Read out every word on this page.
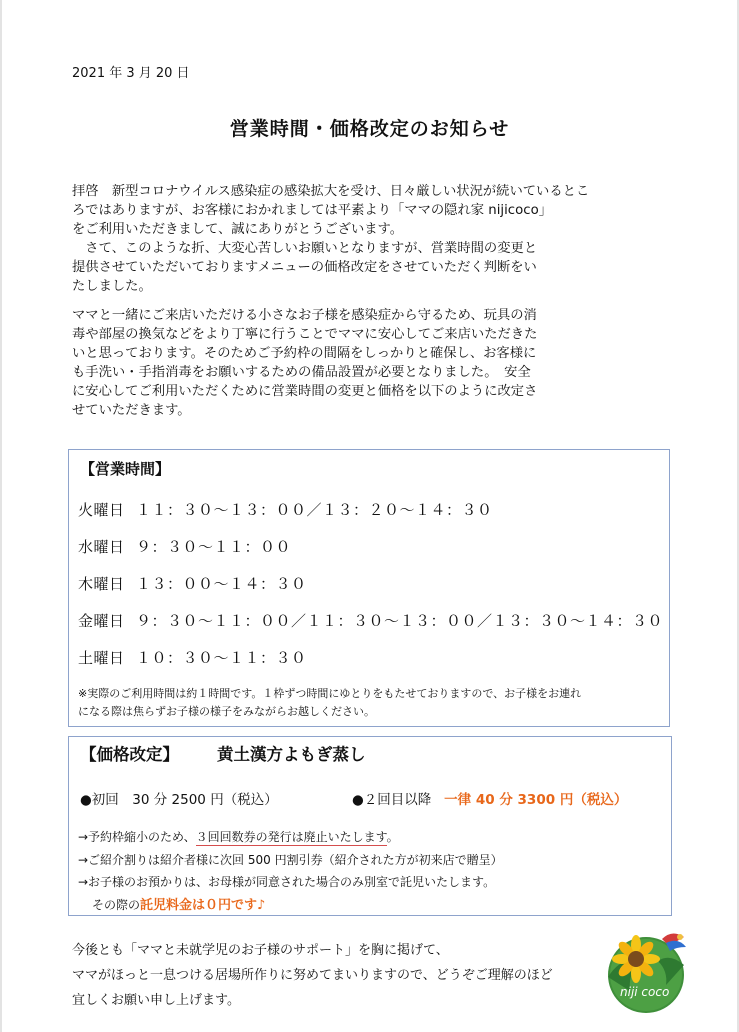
2021 年 3 月 20 日
営業時間・価格改定のお知らせ
拝啓　新型コロナウイルス感染症の感染拡大を受け、日々厳しい状況が続いているとこ
ろではありますが、お客様におかれましては平素より「ママの隠れ家 nijicoco」
をご利用いただきまして、誠にありがとうございます。
　さて、このような折、大変心苦しいお願いとなりますが、営業時間の変更と
提供させていただいておりますメニューの価格改定をさせていただく判断をい
たしました。
ママと一緒にご来店いただける小さなお子様を感染症から守るため、玩具の消
毒や部屋の換気などをより丁寧に行うことでママに安心してご来店いただきた
いと思っております。そのためご予約枠の間隔をしっかりと確保し、お客様に
も手洗い・手指消毒をお願いするための備品設置が必要となりました。　安全
に安心してご利用いただくために営業時間の変更と価格を以下のように改定さ
せていただきます。
【営業時間】
火曜日 １１：３０～１３：００／１３：２０～１４：３０
水曜日 ９：３０～１１：００
木曜日 １３：００～１４：３０
金曜日 ９：３０～１１：００／１１：３０～１３：００／１３：３０～１４：３０
土曜日 １０：３０～１１：３０
※実際のご利用時間は約１時間です。１枠ずつ時間にゆとりをもたせておりますので、お子様をお連れ
になる際は焦らずお子様の様子をみながらお越しください。
【価格改定】 黄土漢方よもぎ蒸し
●初回　30 分 2500 円（税込）	●２回目以降 一律 40 分 3300 円（税込）
→予約枠縮小のため、３回回数券の発行は廃止いたします。
→ご紹介割りは紹介者様に次回 500 円割引券（紹介された方が初来店で贈呈）
→お子様のお預かりは、お母様が同意された場合のみ別室で託児いたします。
その際の託児料金は０円です♪
今後とも「ママと未就学児のお子様のサポート」を胸に掲げて、
ママがほっと一息つける居場所作りに努めてまいりますので、どうぞご理解のほど
宜しくお願い申し上げます。
niji coco
